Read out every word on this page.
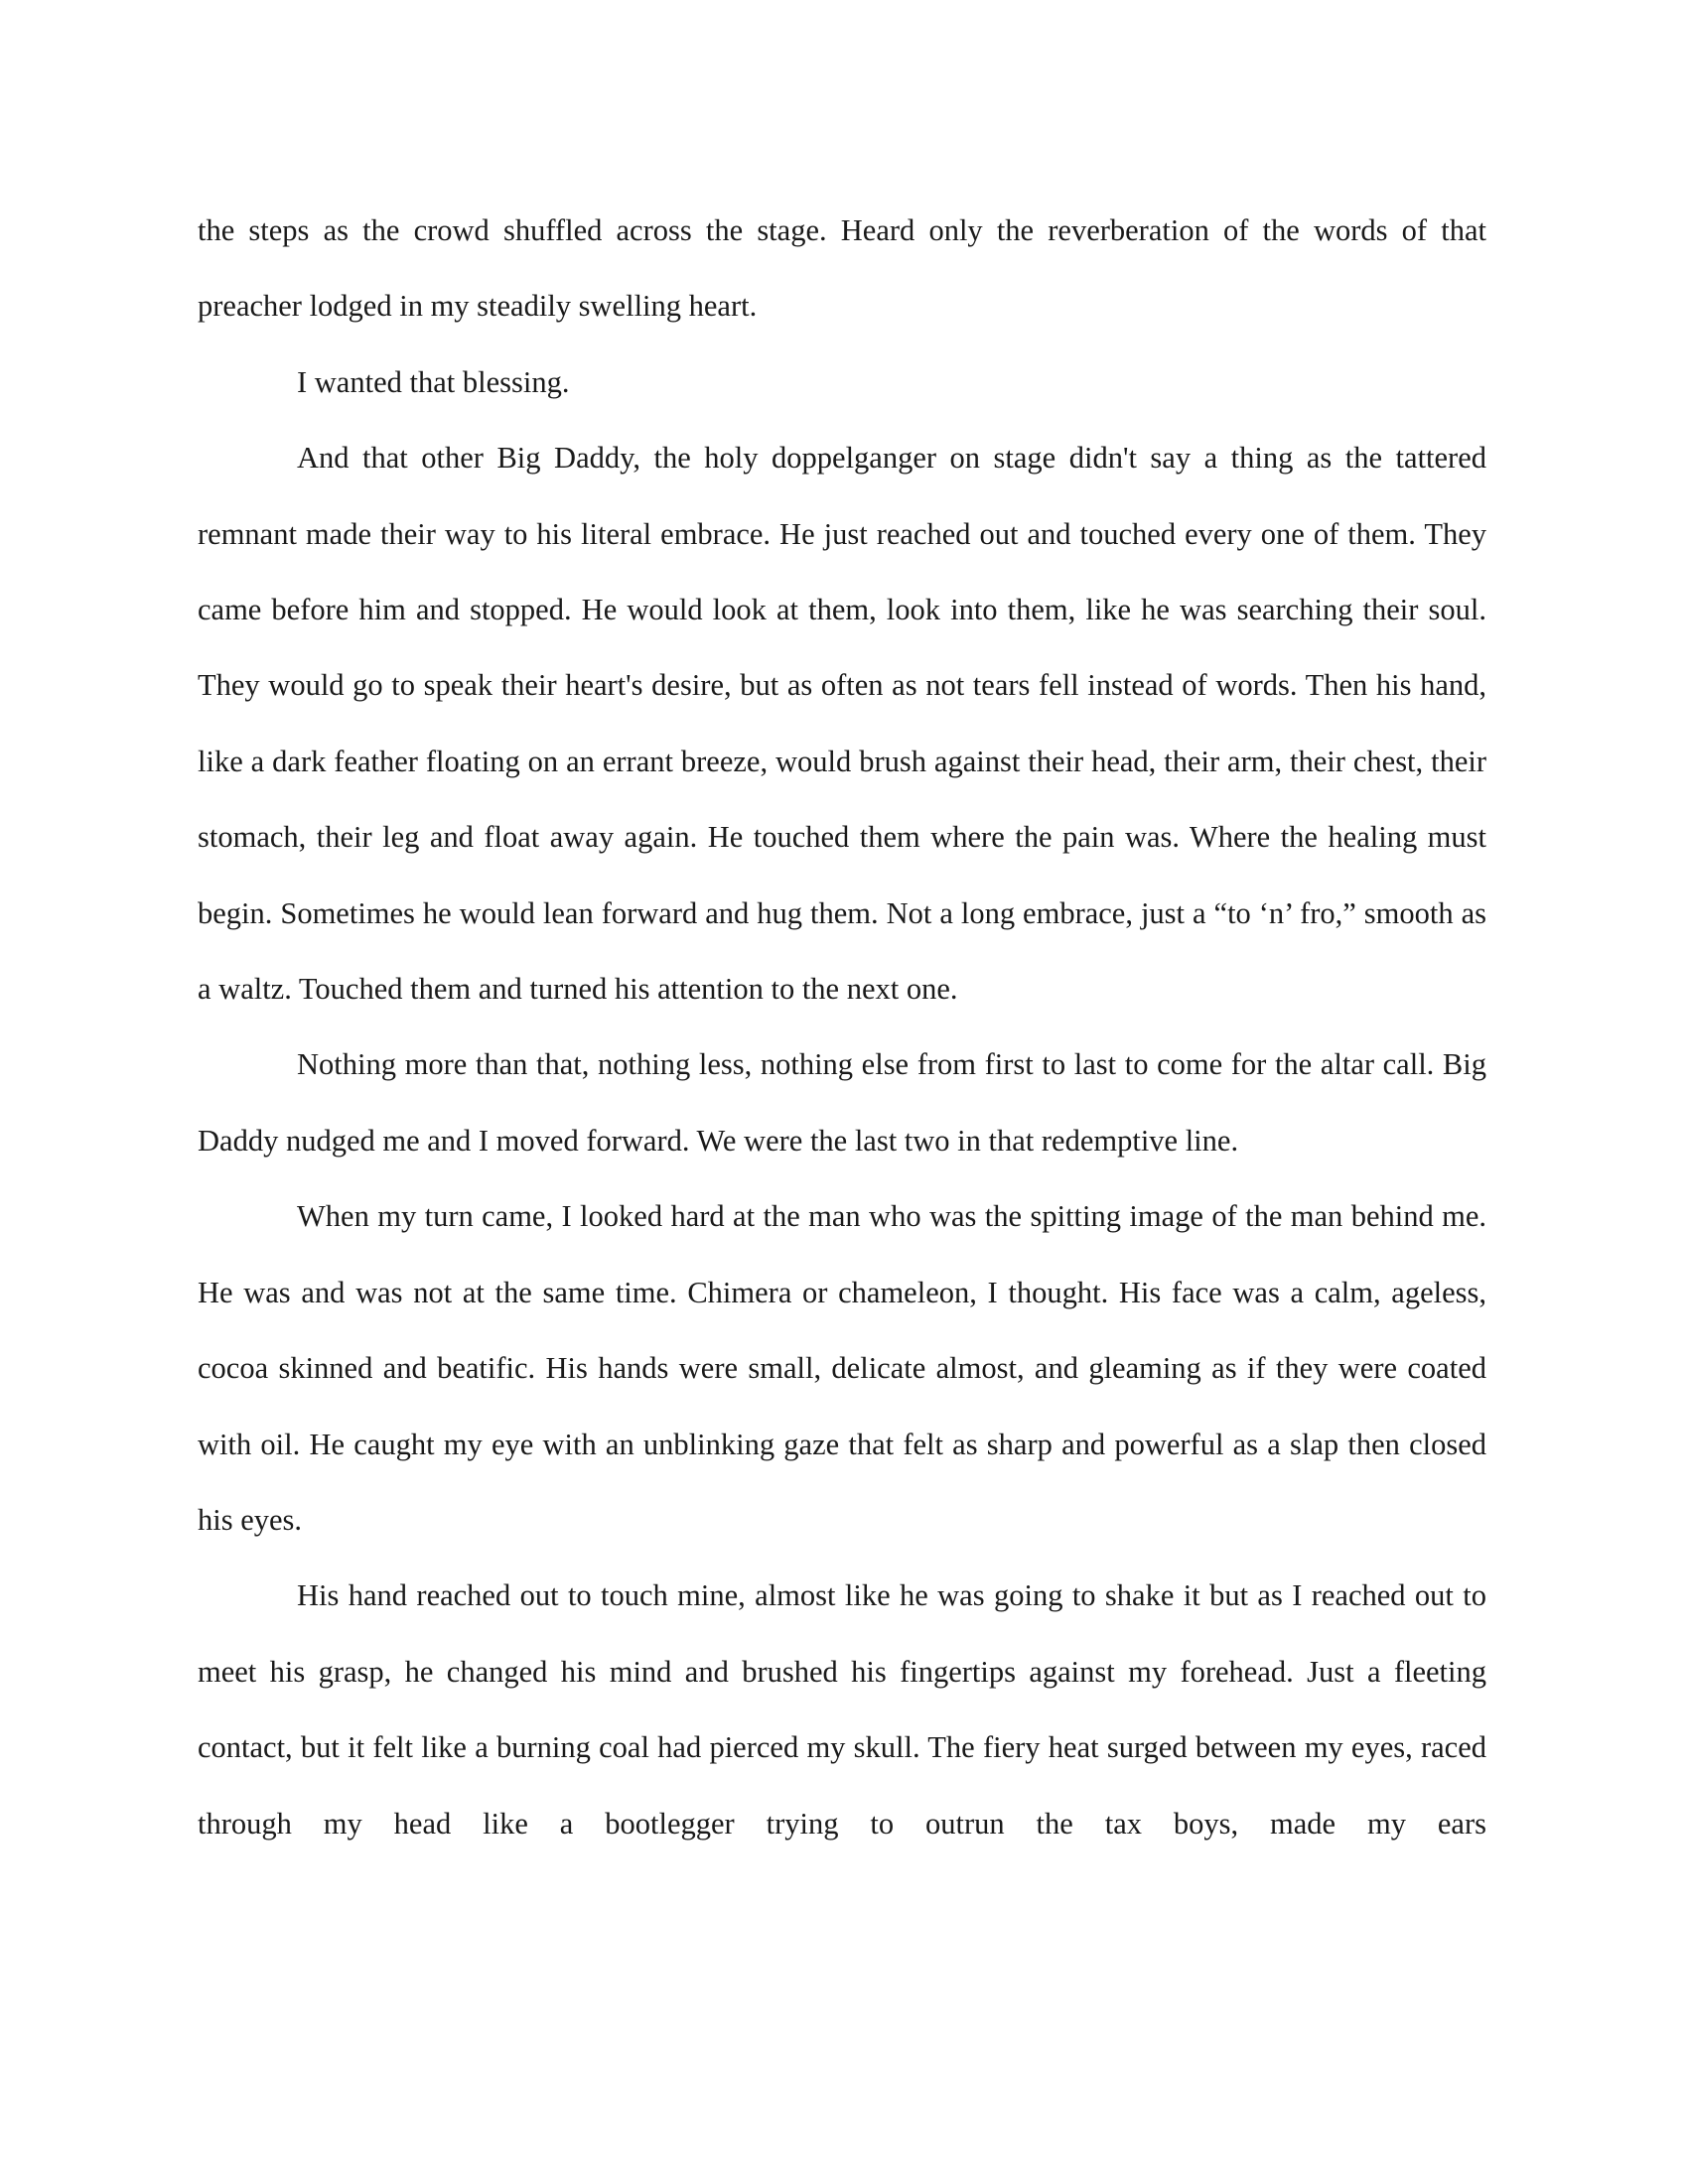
the steps as the crowd shuffled across the stage. Heard only the reverberation of the words of that preacher lodged in my steadily swelling heart.

I wanted that blessing.

And that other Big Daddy, the holy doppelganger on stage didn't say a thing as the tattered remnant made their way to his literal embrace. He just reached out and touched every one of them. They came before him and stopped. He would look at them, look into them, like he was searching their soul. They would go to speak their heart's desire, but as often as not tears fell instead of words. Then his hand, like a dark feather floating on an errant breeze, would brush against their head, their arm, their chest, their stomach, their leg and float away again. He touched them where the pain was. Where the healing must begin. Sometimes he would lean forward and hug them. Not a long embrace, just a “to ‘n’ fro,” smooth as a waltz. Touched them and turned his attention to the next one.

Nothing more than that, nothing less, nothing else from first to last to come for the altar call. Big Daddy nudged me and I moved forward. We were the last two in that redemptive line.

When my turn came, I looked hard at the man who was the spitting image of the man behind me. He was and was not at the same time. Chimera or chameleon, I thought. His face was a calm, ageless, cocoa skinned and beatific. His hands were small, delicate almost, and gleaming as if they were coated with oil. He caught my eye with an unblinking gaze that felt as sharp and powerful as a slap then closed his eyes.

His hand reached out to touch mine, almost like he was going to shake it but as I reached out to meet his grasp, he changed his mind and brushed his fingertips against my forehead. Just a fleeting contact, but it felt like a burning coal had pierced my skull. The fiery heat surged between my eyes, raced through my head like a bootlegger trying to outrun the tax boys, made my ears
